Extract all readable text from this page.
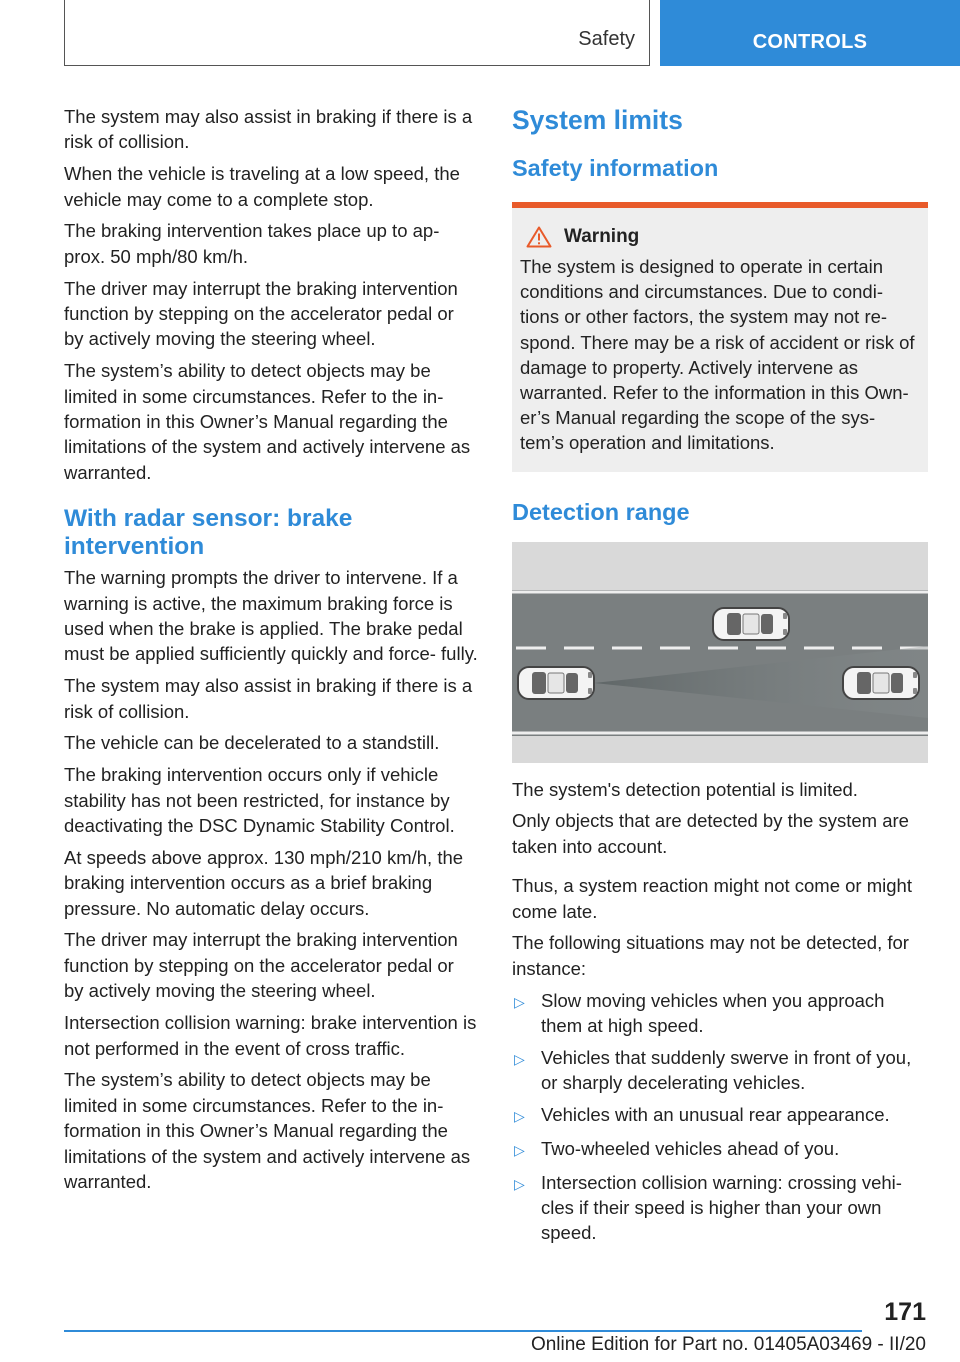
Safety	CONTROLS

The system may also assist in braking if there is a risk of collision.

When the vehicle is traveling at a low speed, the vehicle may come to a complete stop.

The braking intervention takes place up to ap‐ prox. 50 mph/80 km/h.

The driver may interrupt the braking intervention function by stepping on the accelerator pedal or by actively moving the steering wheel.

The system’s ability to detect objects may be limited in some circumstances. Refer to the in‐ formation in this Owner’s Manual regarding the limitations of the system and actively intervene as warranted.

With radar sensor: brake intervention

The warning prompts the driver to intervene. If a warning is active, the maximum braking force is used when the brake is applied. The brake pedal must be applied sufficiently quickly and force‐ fully.

The system may also assist in braking if there is a risk of collision.

The vehicle can be decelerated to a standstill.

The braking intervention occurs only if vehicle stability has not been restricted, for instance by deactivating the DSC Dynamic Stability Control.

At speeds above approx. 130 mph/210 km/h, the braking intervention occurs as a brief braking pressure. No automatic delay occurs.

The driver may interrupt the braking intervention function by stepping on the accelerator pedal or by actively moving the steering wheel.

Intersection collision warning: brake intervention is not performed in the event of cross traffic.

The system’s ability to detect objects may be limited in some circumstances. Refer to the in‐ formation in this Owner’s Manual regarding the limitations of the system and actively intervene as warranted.

System limits
Safety information
Warning

The system is designed to operate in certain conditions and circumstances. Due to condi‐ tions or other factors, the system may not re‐ spond. There may be a risk of accident or risk of damage to property. Actively intervene as warranted. Refer to the information in this Own‐ er’s Manual regarding the scope of the sys‐ tem’s operation and limitations.

Detection range

The system's detection potential is limited.

Only objects that are detected by the system are taken into account.

Thus, a system reaction might not come or might come late.

The following situations may not be detected, for instance:

▷ Slow moving vehicles when you approach them at high speed.
▷ Vehicles that suddenly swerve in front of you, or sharply decelerating vehicles.
▷ Vehicles with an unusual rear appearance.
▷ Two-wheeled vehicles ahead of you.
▷ Intersection collision warning: crossing vehi‐ cles if their speed is higher than your own speed.
171
Online Edition for Part no. 01405A03469 - II/20
